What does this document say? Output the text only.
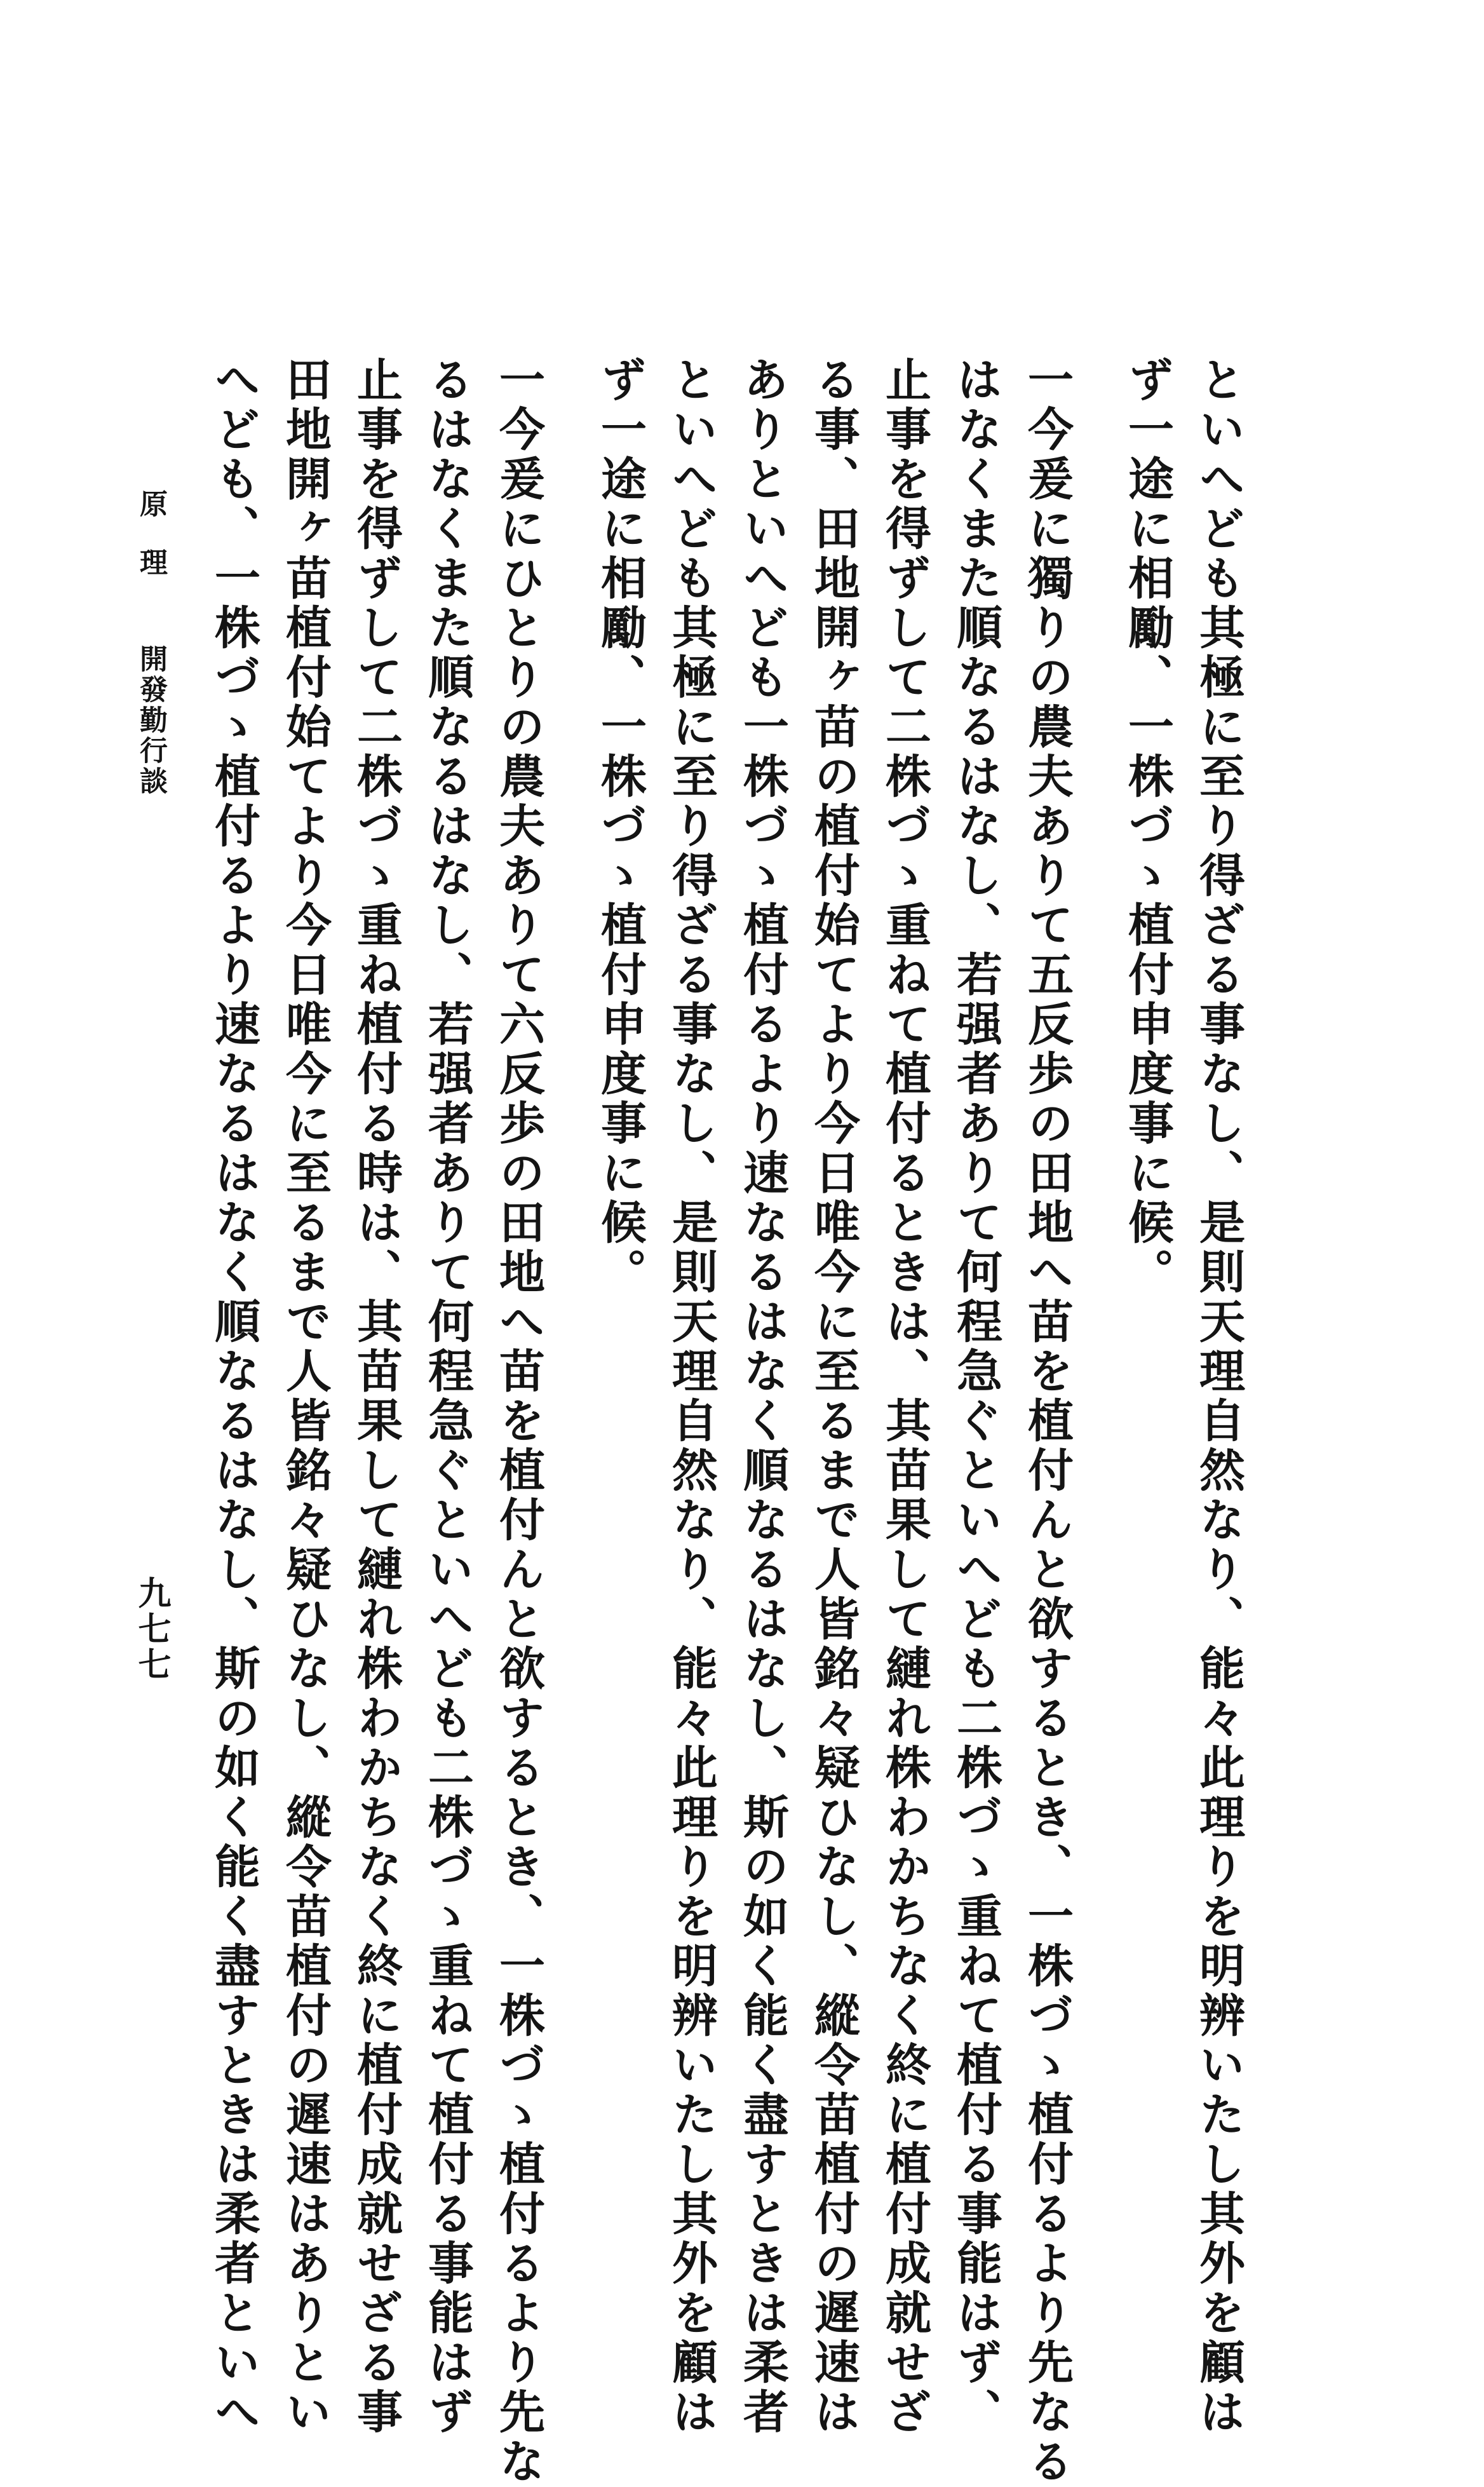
といへども其極に至り得ざる事なし、是則天理自然なり、能々此理りを明辨いたし其外を顧は
ず一途に相勵、一株づゝ植付申度事に候。
一今爰に獨りの農夫ありて五反歩の田地へ苗を植付んと欲するとき、一株づゝ植付るより先なる
はなくまた順なるはなし、若强者ありて何程急ぐといへども二株づゝ重ねて植付る事能はず、
止事を得ずして二株づゝ重ねて植付るときは、其苗果して縺れ株わかちなく終に植付成就せざ
る事、田地開ヶ苗の植付始てより今日唯今に至るまで人皆銘々疑ひなし、縱令苗植付の遲速は
ありといへども一株づゝ植付るより速なるはなく順なるはなし、斯の如く能く盡すときは柔者
といへども其極に至り得ざる事なし、是則天理自然なり、能々此理りを明辨いたし其外を顧は
ず一途に相勵、一株づゝ植付申度事に候。
一今爰にひとりの農夫ありて六反歩の田地へ苗を植付んと欲するとき、一株づゝ植付るより先な
るはなくまた順なるはなし、若强者ありて何程急ぐといへども二株づゝ重ねて植付る事能はず
止事を得ずして二株づゝ重ね植付る時は、其苗果して縺れ株わかちなく終に植付成就せざる事
田地開ヶ苗植付始てより今日唯今に至るまで人皆銘々疑ひなし、縱令苗植付の遲速はありとい
へども、一株づゝ植付るより速なるはなく順なるはなし、斯の如く能く盡すときは柔者といへ
原理開發勤行談
九七七
